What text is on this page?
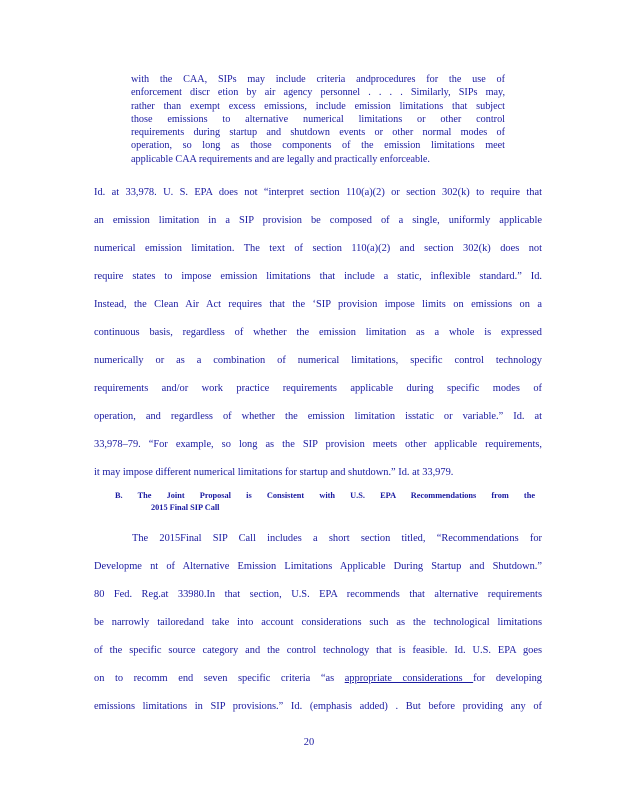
with the CAA, SIPs may include criteria andprocedures for the use of
enforcement discr etion by air agency personnel . . . . Similarly, SIPs may,
rather than exempt excess emissions, include emission limitations that subject
those emissions to alternative numerical limitations or other control
requirements during startup and shutdown events or other normal modes of
operation, so long as those components of the emission limitations meet
applicable CAA requirements and are legally and practically enforceable.
Id. at 33,978. U. S. EPA does not “interpret section 110(a)(2) or section 302(k) to require that
an emission limitation in a SIP provision be composed of a single, uniformly applicable
numerical emission limitation. The text of section 110(a)(2) and section 302(k) does not
require states to impose emission limitations that include a static, inflexible standard.” Id.
Instead, the Clean Air Act requires that the ‘SIP provision impose limits on emissions on a
continuous basis, regardless of whether the emission limitation as a whole is expressed
numerically or as a combination of numerical limitations, specific control technology
requirements and/or work practice requirements applicable during specific modes of
operation, and regardless of whether the emission limitation isstatic or variable.” Id. at
33,978–79. “For example, so long as the SIP provision meets other applicable requirements,
it may impose different numerical limitations for startup and shutdown.” Id. at 33,979.
B. The Joint Proposal is Consistent with U.S. EPA Recommendations from the
2015 Final SIP Call
The 2015Final SIP Call includes a short section titled, “Recommendations for
Developme nt of Alternative Emission Limitations Applicable During Startup and Shutdown.”
80 Fed. Reg.at 33980.In that section, U.S. EPA recommends that alternative requirements
be narrowly tailoredand take into account considerations such as the technological limitations
of the specific source category and the control technology that is feasible. Id. U.S. EPA goes
on to recomm end seven specific criteria “as appropriate considerations for developing
emissions limitations in SIP provisions.” Id. (emphasis added) . But before providing any of
20
